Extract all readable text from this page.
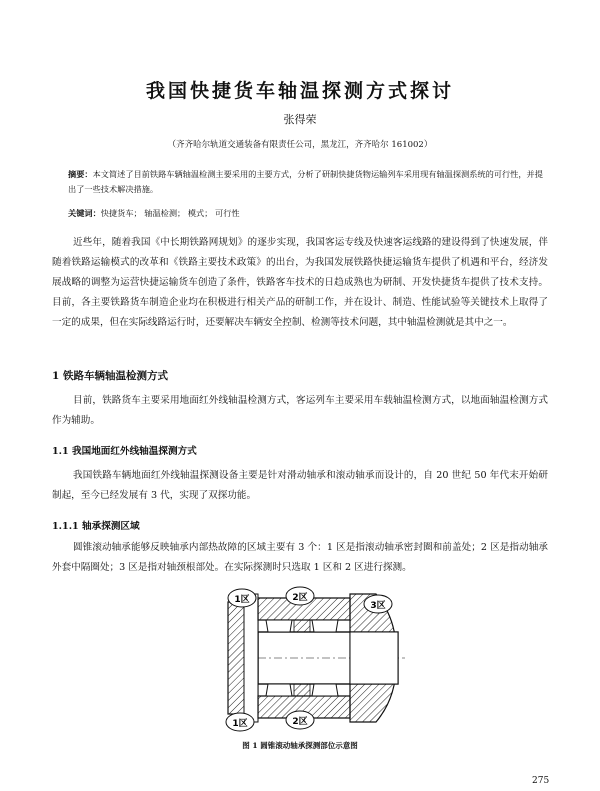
我国快捷货车轴温探测方式探讨
张得荣
（齐齐哈尔轨道交通装备有限责任公司，黑龙江，齐齐哈尔 161002）
摘要：本文简述了目前铁路车辆轴温检测主要采用的主要方式，分析了研制快捷货物运输列车采用现有轴温探测系统的可行性，并提出了一些技术解决措施。
关键词：快捷货车； 轴温检测； 模式； 可行性
近些年，随着我国《中长期铁路网规划》的逐步实现，我国客运专线及快速客运线路的建设得到了快速发展，伴随着铁路运输模式的改革和《铁路主要技术政策》的出台，为我国发展铁路快捷运输货车提供了机遇和平台，经济发展战略的调整为运营快捷运输货车创造了条件，铁路客车技术的日趋成熟也为研制、开发快捷货车提供了技术支持。目前，各主要铁路货车制造企业均在积极进行相关产品的研制工作，并在设计、制造、性能试验等关键技术上取得了一定的成果，但在实际线路运行时，还要解决车辆安全控制、检测等技术问题，其中轴温检测就是其中之一。
1 铁路车辆轴温检测方式
目前，铁路货车主要采用地面红外线轴温检测方式，客运列车主要采用车载轴温检测方式，以地面轴温检测方式作为辅助。
1.1 我国地面红外线轴温探测方式
我国铁路车辆地面红外线轴温探测设备主要是针对滑动轴承和滚动轴承而设计的，自 20 世纪 50 年代末开始研制起，至今已经发展有 3 代，实现了双探功能。
1.1.1 轴承探测区域
圆锥滚动轴承能够反映轴承内部热故障的区域主要有 3 个：1 区是指滚动轴承密封圈和前盖处；2 区是指动轴承外套中隔圈处；3 区是指对轴颈根部处。在实际探测时只选取 1 区和 2 区进行探测。
1区	2区
3区
2区
1区
图 1 圆锥滚动轴承探测部位示意图
275
